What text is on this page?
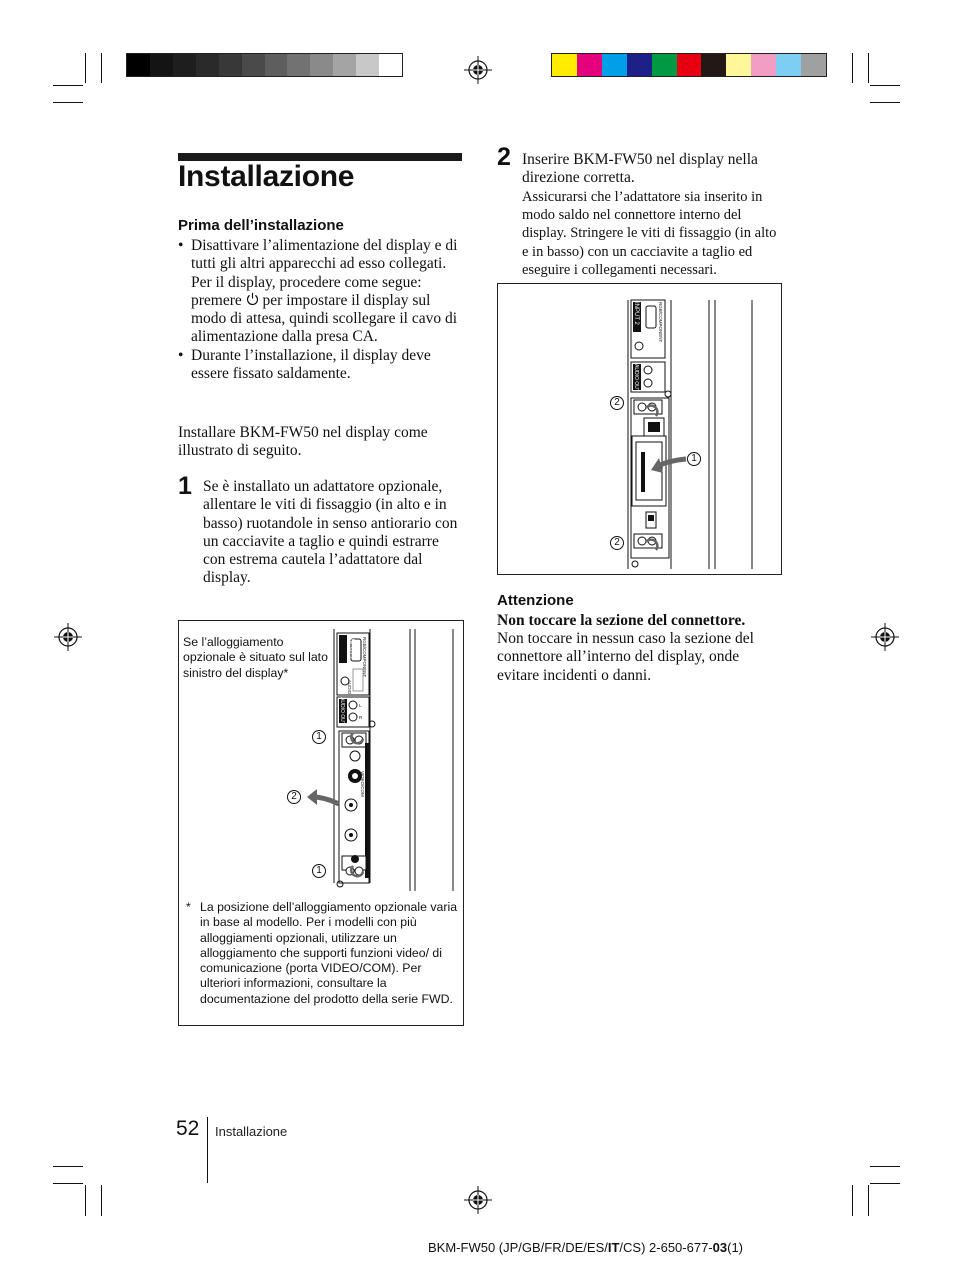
Installazione
Prima dell’installazione
• Disattivare l’alimentazione del display e di tutti gli altri apparecchi ad esso collegati. Per il display, procedere come segue: premere  per impostare il display sul modo di attesa, quindi scollegare il cavo di alimentazione dalla presa CA.
• Durante l’installazione, il display deve essere fissato saldamente.
Installare BKM-FW50 nel display come illustrato di seguito.
1 Se è installato un adattatore opzionale, allentare le viti di fissaggio (in alto e in basso) ruotandole in senso antiorario con un cacciavite a taglio e quindi estrarre con estrema cautela l’adattatore dal display.
Se l’alloggiamento opzionale è situato sul lato sinistro del display*
INPUT 2 RGB/COMPONENT
AUDIO
AUDIO OUT	L
R
VIDEO/COM
1
2
1
* La posizione dell’alloggiamento opzionale varia in base al modello. Per i modelli con più alloggiamenti opzionali, utilizzare un alloggiamento che supporti funzioni video/ di comunicazione (porta VIDEO/COM). Per ulteriori informazioni, consultare la documentazione del prodotto della serie FWD.
2 Inserire BKM-FW50 nel display nella direzione corretta.
Assicurarsi che l’adattatore sia inserito in modo saldo nel connettore interno del display. Stringere le viti di fissaggio (in alto e in basso) con un cacciavite a taglio ed eseguire i collegamenti necessari.
INPUT 2	RGB/COMPONENT
AUDIO OUT
2
1
2
Attenzione
Non toccare la sezione del connettore.
Non toccare in nessun caso la sezione del connettore all’interno del display, onde evitare incidenti o danni.
52 Installazione
BKM-FW50 (JP/GB/FR/DE/ES/IT/CS) 2-650-677-03(1)
